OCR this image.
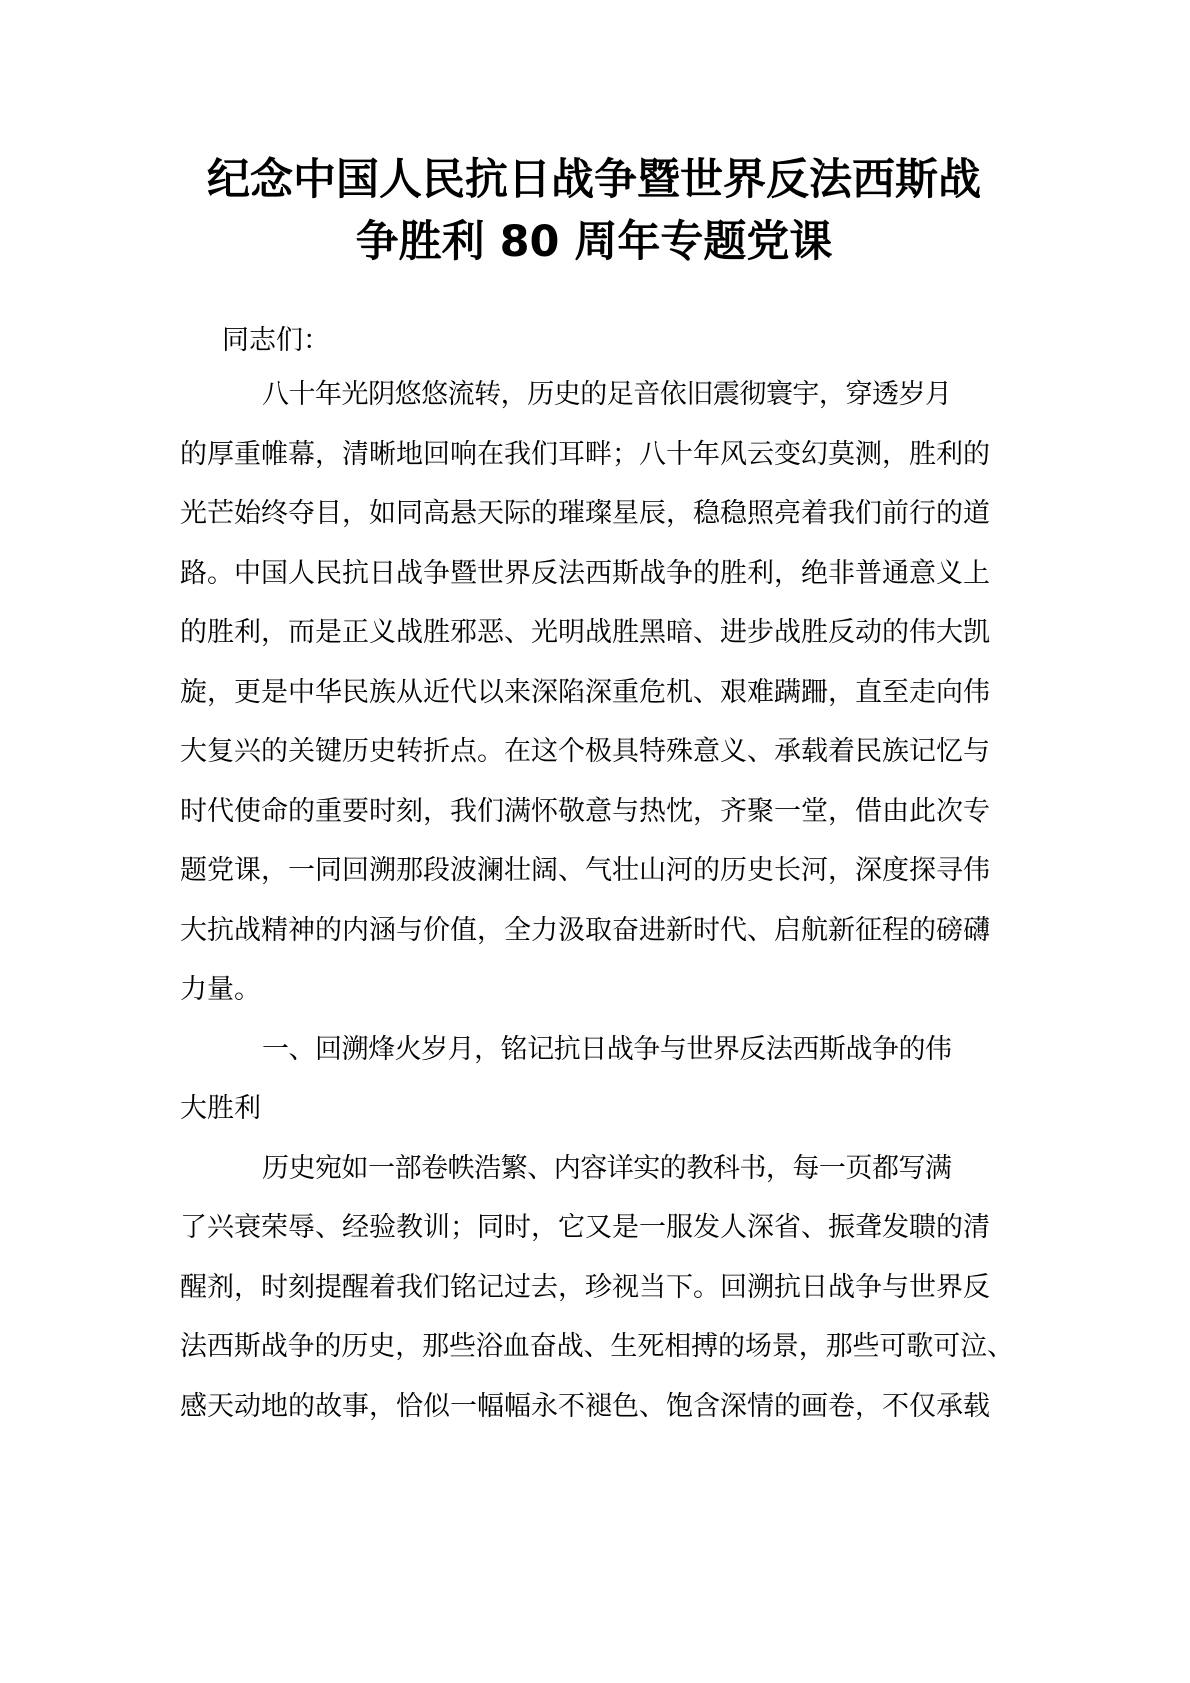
纪念中国人民抗日战争暨世界反法西斯战
争胜利 80 周年专题党课

同志们：

八十年光阴悠悠流转，历史的足音依旧震彻寰宇，穿透岁月

的厚重帷幕，清晰地回响在我们耳畔；八十年风云变幻莫测，胜利的

光芒始终夺目，如同高悬天际的璀璨星辰，稳稳照亮着我们前行的道

路。中国人民抗日战争暨世界反法西斯战争的胜利，绝非普通意义上

的胜利，而是正义战胜邪恶、光明战胜黑暗、进步战胜反动的伟大凯

旋，更是中华民族从近代以来深陷深重危机、艰难蹒跚，直至走向伟

大复兴的关键历史转折点。在这个极具特殊意义、承载着民族记忆与

时代使命的重要时刻，我们满怀敬意与热忱，齐聚一堂，借由此次专

题党课，一同回溯那段波澜壮阔、气壮山河的历史长河，深度探寻伟

大抗战精神的内涵与价值，全力汲取奋进新时代、启航新征程的磅礴

力量。

一、回溯烽火岁月，铭记抗日战争与世界反法西斯战争的伟

大胜利

历史宛如一部卷帙浩繁、内容详实的教科书，每一页都写满

了兴衰荣辱、经验教训；同时，它又是一服发人深省、振聋发聩的清

醒剂，时刻提醒着我们铭记过去，珍视当下。回溯抗日战争与世界反

法西斯战争的历史，那些浴血奋战、生死相搏的场景，那些可歌可泣、

感天动地的故事，恰似一幅幅永不褪色、饱含深情的画卷，不仅承载
